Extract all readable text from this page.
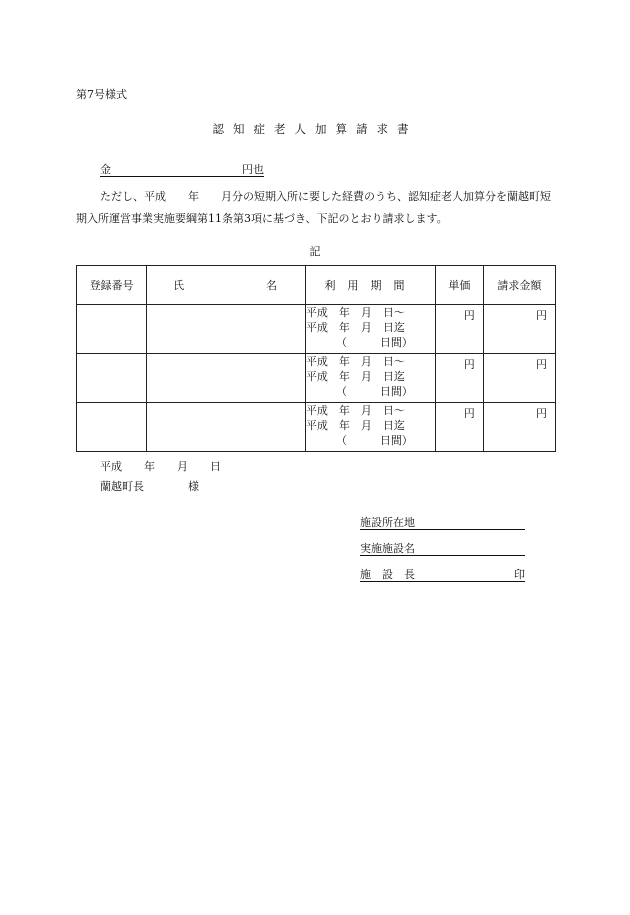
第7号様式
認知症老人加算請求書
金	円也
ただし、平成　　年　　月分の短期入所に要した経費のうち、認知症老人加算分を蘭越町短期入所運営事業実施要綱第11条第3項に基づき、下記のとおり請求します。
記
登録番号	氏 名	利用期間	単価	請求金額

		平成　年　月　日～
平成　年　月　日迄
（　　　日間）	円	円

		平成　年　月　日～
平成　年　月　日迄
（　　　日間）	円	円

		平成　年　月　日～
平成　年　月　日迄
（　　　日間）	円	円
平成　　年　　月　　日
蘭越町長　　　　様
施設所在地
実施施設名
施　設　長	印
